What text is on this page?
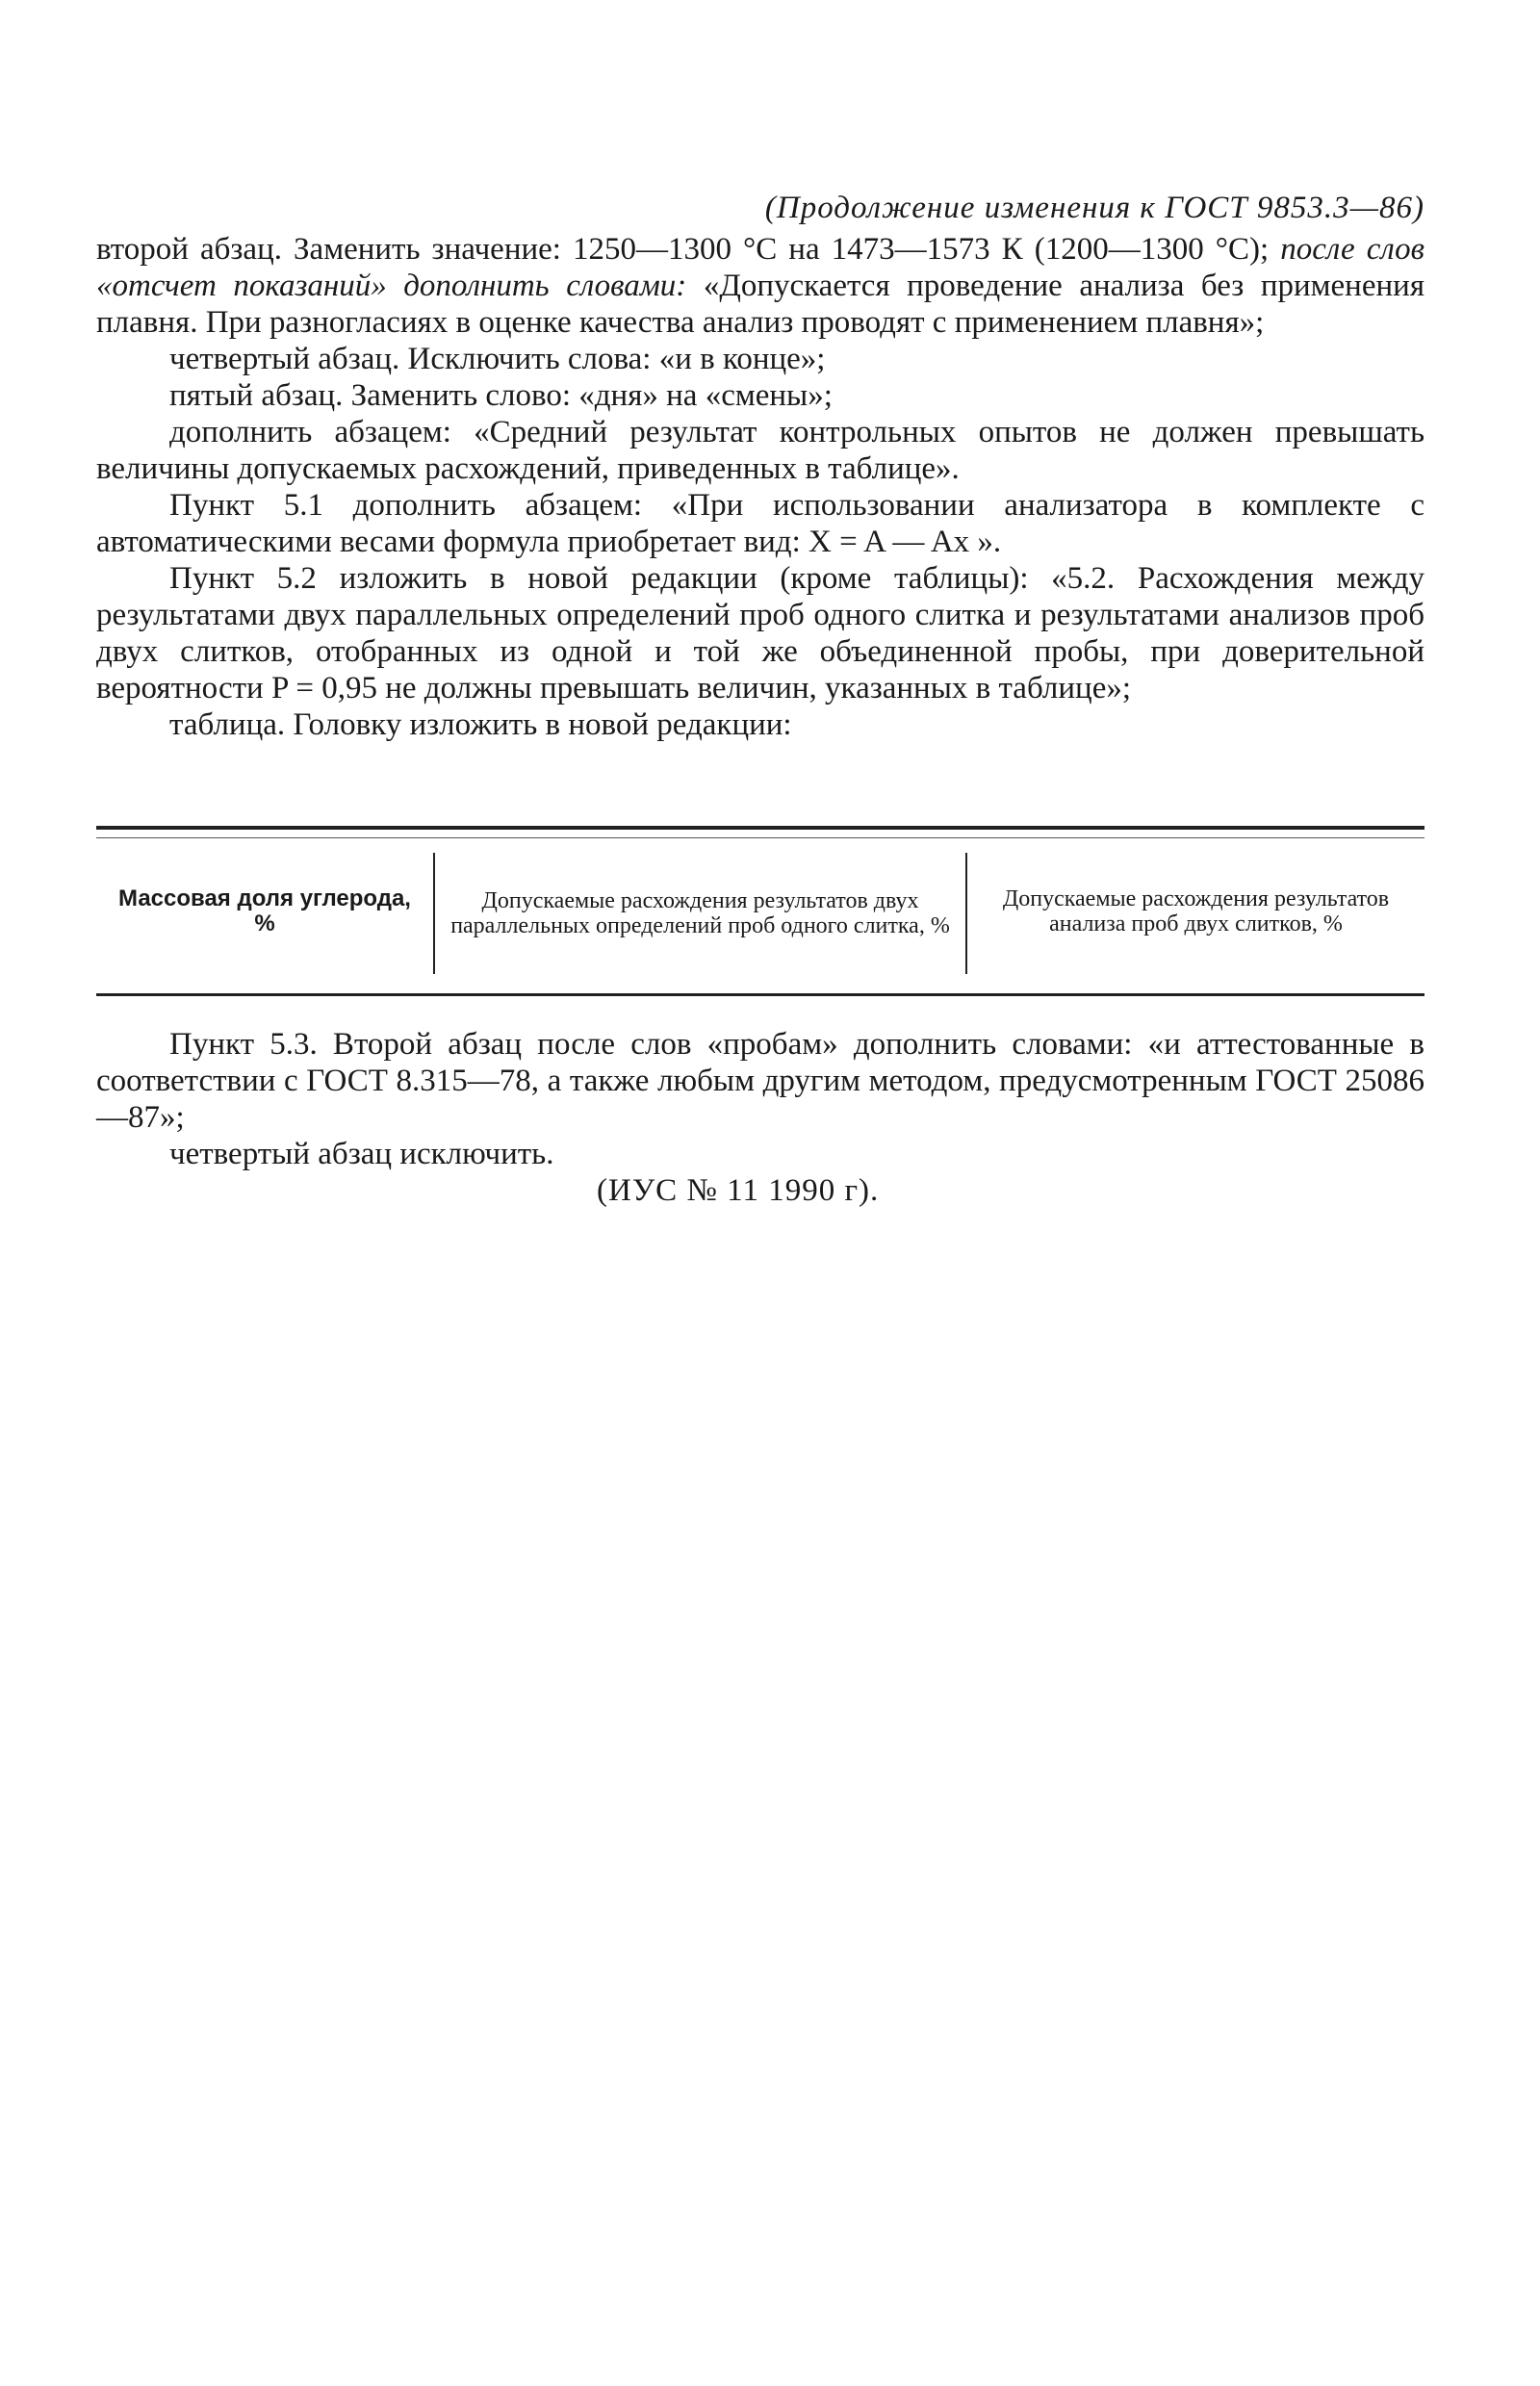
(Продолжение изменения к ГОСТ 9853.3—86)

второй абзац. Заменить значение: 1250—1300 °С на 1473—1573 К (1200—1300 °С); после слов «отсчет показаний» дополнить словами: «Допускается проведение анализа без применения плавня. При разногласиях в оценке качества анализ проводят с применением плавня»;

четвертый абзац. Исключить слова: «и в конце»;

пятый абзац. Заменить слово: «дня» на «смены»;

дополнить абзацем: «Средний результат контрольных опытов не должен превышать величины допускаемых расхождений, приведенных в таблице».

Пункт 5.1 дополнить абзацем: «При использовании анализатора в комплекте с автоматическими весами формула приобретает вид: X = A — Aх ».

Пункт 5.2 изложить в новой редакции (кроме таблицы): «5.2. Расхождения между результатами двух параллельных определений проб одного слитка и результатами анализов проб двух слитков, отобранных из одной и той же объединенной пробы, при доверительной вероятности P = 0,95 не должны превышать величин, указанных в таблице»;

таблица. Головку изложить в новой редакции:

Массовая доля углерода, %
Допускаемые расхождения результатов двух параллельных определений проб одного слитка, %
Допускаемые расхождения результатов анализа проб двух слитков, %

Пункт 5.3. Второй абзац после слов «пробам» дополнить словами: «и аттестованные в соответствии с ГОСТ 8.315—78, а также любым другим методом, предусмотренным ГОСТ 25086—87»;

четвертый абзац исключить.

(ИУС № 11 1990 г).
